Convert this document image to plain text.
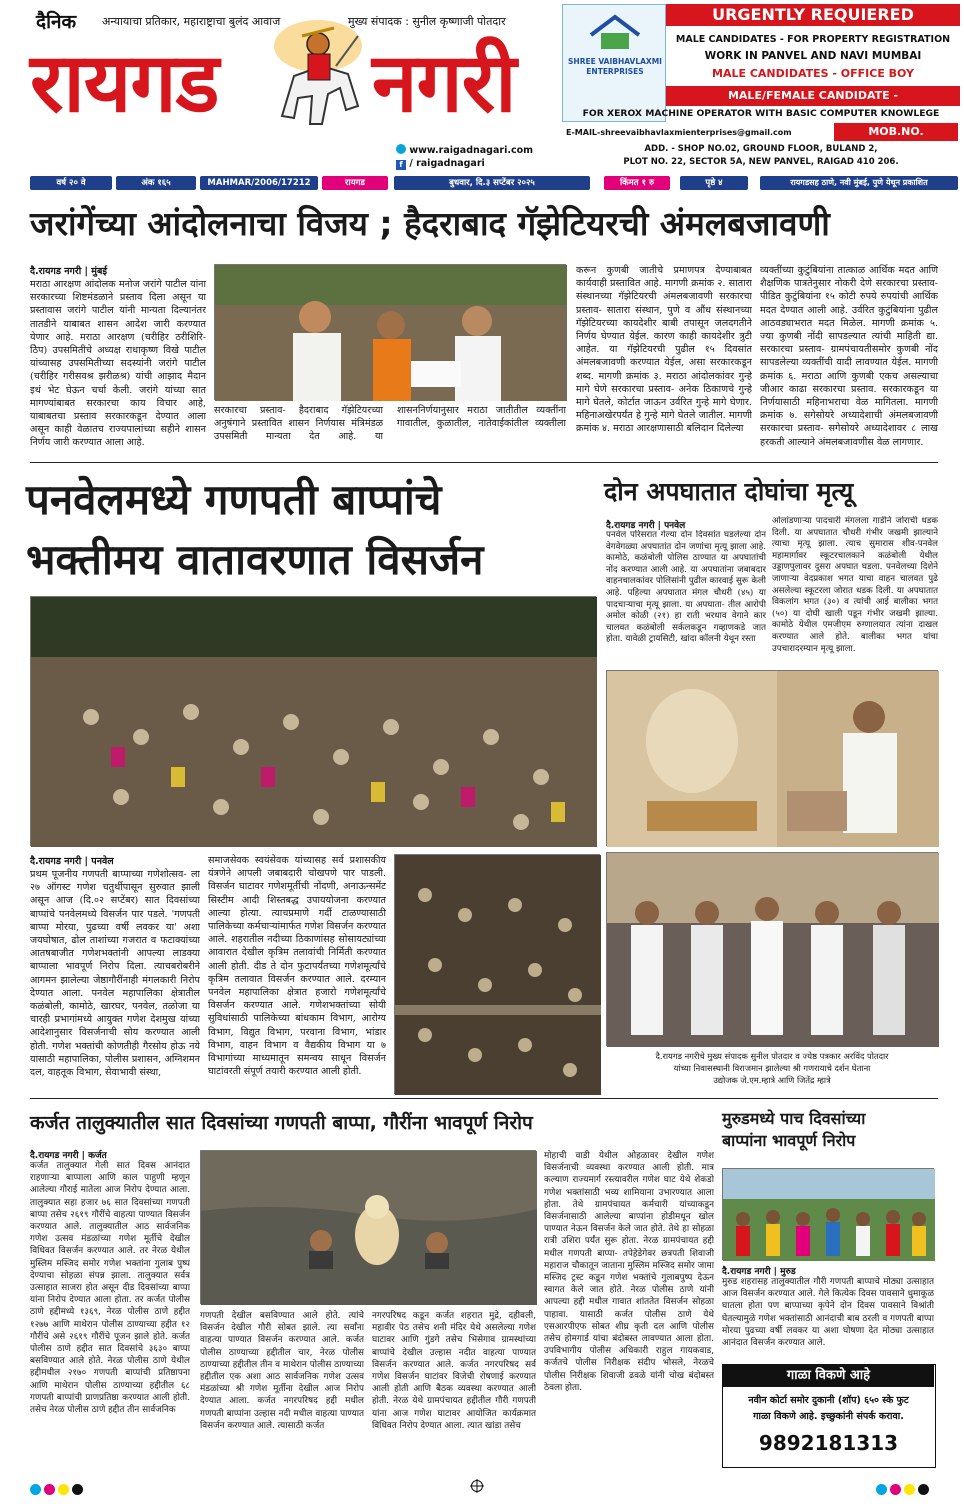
दैनिक अन्यायाचा प्रतिकार, महाराष्ट्राचा बुलंद आवाज	मुख्य संपादक : सुनील कृष्णाजी पोतदार
रायगड नगरी
www.raigadnagari.com
f / raigadnagari
SHREE VAIBHAVLAXMI
ENTERPRISES
URGENTLY REQUIERED
MALE CANDIDATES - FOR PROPERTY REGISTRATION
WORK IN PANVEL AND NAVI MUMBAI
MALE CANDIDATES - OFFICE BOY
MALE/FEMALE CANDIDATE -
FOR XEROX MACHINE OPERATOR WITH BASIC COMPUTER KNOWLEGE
E-MAIL-shreevaibhavlaxmienterprises@gmail.com	MOB.NO. 9892848890
ADD. - SHOP NO.02, GROUND FLOOR, BULAND 2,
PLOT NO. 22, SECTOR 5A, NEW PANVEL, RAIGAD 410 206.
वर्ष २० वे	अंक १६५	MAHMAR/2006/17212	रायगड	बुधवार, दि.३ सप्टेंबर २०२५	किंमत १ रु	पृष्ठे ४	रायगडसह ठाणे, नवी मुंबई, पुणे येथून प्रकाशित
जरांगेंच्या आंदोलनाचा विजय ; हैदराबाद गॅझेटियरची अंमलबजावणी
दै.रायगड नगरी | मुंबई
मराठा आरक्षण आंदोलक मनोज जरांगे पाटील यांना सरकारच्या शिष्टमंडळाने प्रस्ताव दिला असून या प्रस्तावास जरांगे पाटील यांनी मान्यता दिल्यानंतर तातडीने याबाबत शासन आदेश जारी करण्यात येणार आहे. मराठा आरक्षण (चरीहिर ठरीशिरि- ठेिप) उपसमितीचे अध्यक्ष राधाकृष्ण विखे पाटील यांच्यासह उपसमितीच्या सदस्यांनी जरांगे पाटील (चरीहिर गरीसवश्र झरीळश्र) यांची आझाद मैदान इथं भेट घेऊन चर्चा केली. जरांगे यांच्या सात मागण्यांबाबत सरकारचा काय विचार आहे, याबाबतचा प्रस्ताव सरकारकडून देण्यात आला असून काही वेळातच राज्यपालांच्या सहीने शासन निर्णय जारी करण्यात आला आहे.
सरकारचा प्रस्ताव- हैदराबाद गॅझेटियरच्या अनुषंगाने प्रस्तावित शासन निर्णयास मंत्रिमंडळ उपसमिती मान्यता देत आहे. या शासननिर्णयानुसार मराठा जातीतील व्यक्तींना गावातील, कुळातील, नातेवाईकांतील व्यक्तीला
करून कुणबी जातीचे प्रमाणपत्र देण्याबाबत कार्यवाही प्रस्तावित आहे. मागणी क्रमांक २. सातारा संस्थानच्या गॅझेटियरची अंमलबजावणी सरकारचा प्रस्ताव- सातारा संस्थान, पुणे व औंध संस्थानच्या गॅझेटियरच्या कायदेशीर बाबी तपासून जलदगतीने निर्णय घेण्यात येईल. कारण काही कायदेशीर त्रुटी आहेत. या गॅझेटियरची पुढील १५ दिवसांत अंमलबजावणी करण्यात येईल, असा सरकारकडून शब्द. मागणी क्रमांक ३. मराठा आंदोलकांवर गुन्हे मागे घेणे सरकारचा प्रस्ताव- अनेक ठिकाणचे गुन्हे मागे घेतले, कोर्टात जाऊन उर्वरित गुन्हे मागे घेणार. महिनाअखेरपर्यंत हे गुन्हे मागे घेतले जातील. मागणी क्रमांक ४. मराठा आरक्षणासाठी बलिदान दिलेल्या
व्यक्तींच्या कुटुंबियांना तात्काळ आर्थिक मदत आणि शैक्षणिक पात्रतेनुसार नोकरी देणे सरकारचा प्रस्ताव- पीडित कुटुंबियांना १५ कोटी रुपये रुपयांची आर्थिक मदत देण्यात आली आहे. उर्वरित कुटुंबियांना पुढील आठवड्याभरात मदत मिळेल. मागणी क्रमांक ५. ज्या कुणबी नोंदी सापडल्यात त्यांची माहिती द्या. सरकारचा प्रस्ताव- ग्रामपंचायतीसमोर कुणबी नोंद सापडलेल्या व्यक्तींची यादी लावण्यात येईल. मागणी क्रमांक ६. मराठा आणि कुणबी एकच असल्याचा जीआर काढा सरकारचा प्रस्ताव. सरकारकडून या निर्णयासाठी महिनाभराचा वेळ मागितला. मागणी क्रमांक ७. सगेसोयरे अध्यादेशाची अंमलबजावणी सरकारचा प्रस्ताव- सगेसोयरे अध्यादेशावर ८ लाख हरकती आल्याने अंमलबजावणीस वेळ लागणार.
पनवेलमध्ये गणपती बाप्पांचे
भक्तीमय वातावरणात विसर्जन
दै.रायगड नगरी | पनवेल
प्रथम पूजनीय गणपती बाप्पाच्या गणेशोत्सव- ला २७ ऑगस्ट गणेश चतुर्थीपासून सुरुवात झाली असून आज (दि.०२ सप्टेंबर) सात दिवसांच्या बाप्पांचे पनवेलमध्ये विसर्जन पार पडले. 'गणपती बाप्पा मोरया, पुढच्या वर्षी लवकर या' अशा जयघोषात, ढोल ताशांच्या गजरात व फटाक्यांच्या आतषबाजीत गणेशभक्तांनी आपल्या लाडक्या बाप्पाला भावपूर्ण निरोप दिला. त्याचबरोबरीने आगमन झालेल्या जेष्ठागौरींनाही मंगलकारी निरोप देण्यात आला. पनवेल महापालिका क्षेत्रातील कळंबोली, कामोठे, खारघर, पनवेल, तळोजा या चारही प्रभागांमध्ये आयुक्त गणेश देशमुख यांच्या आदेशानुसार विसर्जनाची सोय करण्यात आली होती. गणेश भक्तांची कोणतीही गैरसोय होऊ नये यासाठी महापालिका, पोलीस प्रशासन, अग्निशमन दल, वाहतूक विभाग, सेवाभावी संस्था,
समाजसेवक स्वयंसेवक यांच्यासह सर्व प्रशासकीय यंत्रणेने आपली जबाबदारी चोखपणे पार पाडली. विसर्जन घाटावर गणेशमूर्तीची नोंदणी, अनाऊन्समेंट सिस्टीम आदी शिस्तबद्ध उपाययोजना करण्यात आल्या होत्या. त्याचप्रमाणे गर्दी टाळण्यासाठी पालिकेच्या कर्मचाऱ्यांमार्फत गणेश विसर्जन करण्यात आले. शहरातील नदीच्या ठिकाणांसह सोसायट्यांच्या आवारात देखील कृत्रिम तलावांची निर्मिती करण्यात आली होती. दीड ते दोन फुटापर्यंतच्या गणेशमूर्त्यांचे कृत्रिम तलावात विसर्जन करण्यात आले. दरम्यान पनवेल महापालिका क्षेत्रात हजारो गणेशमूर्त्यांचे विसर्जन करण्यात आले. गणेशभक्तांच्या सोयी सुविधांसाठी पालिकेच्या बांधकाम विभाग, आरोग्य विभाग, विद्युत विभाग, परवाना विभाग, भांडार विभाग, वाहन विभाग व वैद्यकीय विभाग या ७ विभागांच्या माध्यमातून समन्वय साधून विसर्जन घाटांवरती संपूर्ण तयारी करण्यात आली होती.
दोन अपघातात दोघांचा मृत्यू
दै.रायगड नगरी | पनवेल
पनवेल परिसरात गेल्या दोन दिवसांत घडलेल्या दोन वेगवेगळ्या अपघातांत दोन जणांचा मृत्यू झाला आहे. कामोठे, कळंबोली पोलिस ठाण्यात या अपघातांची नोंद करण्यात आली आहे. या अपघातांना जबाबदार वाहनचालकांवर पोलिसांनी पुढील कारवाई सुरू केली आहे. पहिल्या अपघातात मंगल चौधरी (४५) या पादचाऱ्याचा मृत्यू झाला. या अपघाता- तील आरोपी अमोल कोळी (२१) हा राती भरधाव वेगाने कार चालवत कळंबोली सर्कलकडून गव्हाणकडे जात होता. यावेळी ट्रायसिटी, खांदा कॉलनी येथून रस्ता
ओलांडणाऱ्या पादचारी मंगलला गाडीने जोराची धडक दिली. या अपघातात चौधरी गंभीर जखमी झाल्याने त्याचा मृत्यू झाला. त्याच सुमारास शीव-पनवेल महामार्गावर स्कूटरचालकाने कळंबोली येथील उड्डाणपुलावर दुसरा अपघात घडला. पनवेलच्या दिशेने जाणाऱ्या वेदप्रकाश भगत याचा वाहन चालवत पुढे असलेल्या स्कूटरला जोरात धडक दिली. या अपघातात विकलांग भगत (३०) व त्यांची आई बालीका भगत (५०) या दोघी खाली पडून गंभीर जखमी झाल्या. कामोठे येथील एमजीएम रुग्णालयात त्यांना दाखल करण्यात आले होते. बालीका भगत यांचा उपचारादरम्यान मृत्यू झाला.
दै.रायगड नगरीचे मुख्य संपादक सुनील पोतदार व ज्येष्ठ पत्रकार अरविंद पोतदार
यांच्या निवासस्थानी विराजमान झालेल्या श्री गणरायाचे दर्शन घेताना
उद्योजक जे.एम.म्हात्रे आणि जितेंद्र म्हात्रे
कर्जत तालुक्यातील सात दिवसांच्या गणपती बाप्पा, गौरींना भावपूर्ण निरोप
दै.रायगड नगरी | कर्जत
कर्जत तालुक्यात गेली सात दिवस आनंदात राहणाऱ्या बाप्पाला आणि काल पाहुणी म्हणून आलेल्या गौराई मातेला आज निरोप देण्यात आला. तालुक्यात सहा हजार ७६ सात दिवसांच्या गणपती बाप्पा तसेच २६१९ गौरींचे वाहत्या पाण्यात विसर्जन करण्यात आले. तालुक्यातील आठ सार्वजनिक गणेश उत्सव मंडळांच्या गणेश मूर्तीचे देखील विधिवत विसर्जन करण्यात आले. तर नेरळ येथील मुस्लिम मस्जिद समोर गणेश भक्तांना गुलाब पुष्प देण्याचा सोहळा संपन्न झाला. तालुक्यात सर्वत्र उत्साहात साजरा होत असून दीड दिवसांच्या बाप्पा यांना निरोप देण्यात आला होता. तर कर्जत पोलीस ठाणे हद्दीमध्ये १३६९, नेरळ पोलीस ठाणे हद्दीत १२७७ आणि माथेरान पोलीस ठाण्याच्या हद्दीत १२ गौरींचे असे २६१९ गौरींचे पूजन झाले होते. कर्जत पोलीस ठाणे हद्दीत सात दिवसांचे ३६३० बाप्पा बसविण्यात आले होते. नेरळ पोलीस ठाणे येथील हद्दीमधील २१७० गणपती बाप्पांची प्रतिष्ठापना आणि माथेरान पोलीस ठाण्याच्या हद्दीतील ६८ गणपती बाप्पांची प्राणप्रतिष्ठा करण्यात आली होती. तसेच नेरळ पोलीस ठाणे हद्दीत तीन सार्वजनिक
गणपती देखील बसविण्यात आले होते. त्यांचे विसर्जन देखील गौरी सोबत झाले. त्या सर्वांना वाहत्या पाण्यात विसर्जन करण्यात आले. कर्जत पोलीस ठाण्याच्या हद्दीतील चार, नेरळ पोलीस ठाण्याच्या हद्दीतील तीन व माथेरान पोलीस ठाण्याच्या हद्दीतील एक अशा आठ सार्वजनिक गणेश उत्सव मंडळांच्या श्री गणेश मूर्तीना देखील आज निरोप देण्यात आला. कर्जत नगरपरिषद हद्दी मधील गणपती बाप्पांना उल्हास नदी मधील वाहत्या पाण्यात विसर्जन करण्यात आले. त्यासाठी कर्जत
नगरपरिषद कडून कर्जत शहरात मुद्रे, दहीवली, महावीर पेठ तसेच शनी मंदिर येथे असलेल्या गणेश घाटावर आणि गुंडगे तसेच भिसेगाव ग्रामस्थांच्या बाप्पांचे देखील उल्हास नदीत वाहत्या पाण्यात विसर्जन करण्यात आले. कर्जत नगरपरिषद सर्व गणेश विसर्जन घाटांवर विजेची रोषणाई करण्यात आली होती आणि बैठक व्यवस्था करण्यात आली होती. नेरळ येथे ग्रामपंचायत हद्दीतील गौरी गणपती यांना आज गणेश घाटावर आयोजित कार्यक्रमात विधिवत निरोप देण्यात आला. त्यात खांडा तसेच
मोहाची वाडी येथील ओहळावर देखील गणेश विसर्जनाची व्यवस्था करण्यात आली होती. मात्र कल्याण राज्यमार्ग रस्त्यावरील गणेश घाट येथे शेकडो गणेश भक्तांसाठी भव्य शामियाना उभारण्यात आला होता. तेथे ग्रामपंचायत कर्मचारी यांच्याकडून विसर्जनासाठी आलेल्या बाप्पांना होडीमधून खोल पाण्यात नेऊन विसर्जन केले जात होते. तेथे हा सोहळा रात्री उशिरा पर्यंत सुरू होता. नेरळ ग्रामपंचायत हद्दी मधील गणपती बाप्पा- तपेहेडेगेवर छत्रपती शिवाजी महाराज चौकातून जाताना मुस्लिम मस्जिद समोर जामा मस्जिद ट्रस्ट कडून गणेश भक्तांचे गुलाबपुष्प देऊन स्वागत केले जात होते. नेरळ पोलीस ठाणे यांनी आपल्या हद्दी मधील गावात शांततेत विसर्जन सोहळा पाहावा. यासाठी कर्जत पोलीस ठाणे येथे एसआरपीएफ सोबत शीघ्र कृती दल आणि पोलीस तसेच होमगार्ड यांचा बंदोबस्त लावण्यात आला होता. उपविभागीय पोलीस अधिकारी राहुल गायकवाड, कर्जतचे पोलीस निरीक्षक संदीप भोसले, नेरळचे पोलीस निरीक्षक शिवाजी ढवळे यांनी चोख बंदोबस्त ठेवला होता.
मुरुडमध्ये पाच दिवसांच्या
बाप्पांना भावपूर्ण निरोप
दै.रायगड नगरी | मुरुड
मुरुड शहरासह तालुक्यातील गौरी गणपती बाप्पाचे मोठ्या उत्साहात आज विसर्जन करण्यात आले. गेले कित्येक दिवस पावसाने धुमाकूळ घातला होता पण बाप्पाच्या कृपेने दोन दिवस पावसाने विश्रांती घेतल्यामुळे गणेश भक्तांसाठी आनंदाची बाब ठरली व गणपती बाप्पा मोरया पुढच्या वर्षी लवकर या अशा घोषणा देत मोठ्या उत्साहात आनंदात विसर्जन करण्यात आले.
गाळा विकणे आहे
नवीन कोर्टा समोर दुकानी (शॉप) ६५० स्के फुट
गाळा विकणे आहे. इच्छुकांनी संपर्क करावा.
9892181313
